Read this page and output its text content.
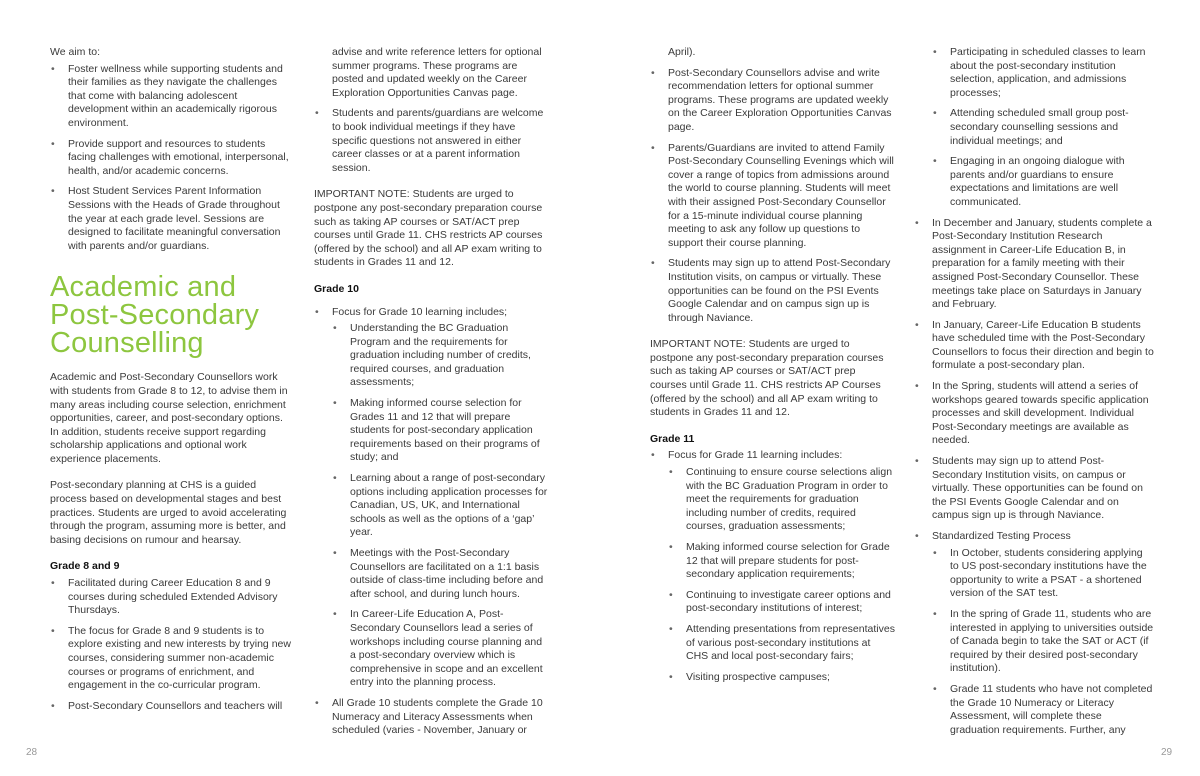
We aim to:

• Foster wellness while supporting students and their families as they navigate the challenges that come with balancing adolescent development within an academically rigorous environment.
• Provide support and resources to students facing challenges with emotional, interpersonal, health, and/or academic concerns.
• Host Student Services Parent Information Sessions with the Heads of Grade throughout the year at each grade level. Sessions are designed to facilitate meaningful conversation with parents and/or guardians.
Academic and
Post-Secondary
Counselling

Academic and Post-Secondary Counsellors work with students from Grade 8 to 12, to advise them in many areas including course selection, enrichment opportunities, career, and post-secondary options. In addition, students receive support regarding scholarship applications and optional work experience placements.

Post-secondary planning at CHS is a guided process based on developmental stages and best practices. Students are urged to avoid accelerating through the program, assuming more is better, and basing decisions on rumour and hearsay.

Grade 8 and 9
• Facilitated during Career Education 8 and 9 courses during scheduled Extended Advisory Thursdays.
• The focus for Grade 8 and 9 students is to explore existing and new interests by trying new courses, considering summer non-academic courses or programs of enrichment, and engagement in the co-curricular program.
• Post-Secondary Counsellors and teachers will
advise and write reference letters for optional summer programs. These programs are posted and updated weekly on the Career Exploration Opportunities Canvas page.
• Students and parents/guardians are welcome to book individual meetings if they have specific questions not answered in either career classes or at a parent information session.

IMPORTANT NOTE: Students are urged to postpone any post-secondary preparation course such as taking AP courses or SAT/ACT prep courses until Grade 11. CHS restricts AP courses (offered by the school) and all AP exam writing to students in Grades 11 and 12.

Grade 10
• Focus for Grade 10 learning includes;
• Understanding the BC Graduation Program and the requirements for graduation including number of credits, required courses, and graduation assessments;
• Making informed course selection for Grades 11 and 12 that will prepare students for post-secondary application requirements based on their programs of study; and
• Learning about a range of post-secondary options including application processes for Canadian, US, UK, and International schools as well as the options of a ‘gap’ year.
• Meetings with the Post-Secondary Counsellors are facilitated on a 1:1 basis outside of class-time including before and after school, and during lunch hours.
• In Career-Life Education A, Post-Secondary Counsellors lead a series of workshops including course planning and a post-secondary overview which is comprehensive in scope and an excellent entry into the planning process.
• All Grade 10 students complete the Grade 10 Numeracy and Literacy Assessments when scheduled (varies - November, January or
April).
• Post-Secondary Counsellors advise and write recommendation letters for optional summer programs. These programs are updated weekly on the Career Exploration Opportunities Canvas page.
• Parents/Guardians are invited to attend Family Post-Secondary Counselling Evenings which will cover a range of topics from admissions around the world to course planning. Students will meet with their assigned Post-Secondary Counsellor for a 15-minute individual course planning meeting to ask any follow up questions to support their course planning.
• Students may sign up to attend Post-Secondary Institution visits, on campus or virtually. These opportunities can be found on the PSI Events Google Calendar and on campus sign up is through Naviance.

IMPORTANT NOTE: Students are urged to postpone any post-secondary preparation courses such as taking AP courses or SAT/ACT prep courses until Grade 11. CHS restricts AP Courses (offered by the school) and all AP exam writing to students in Grades 11 and 12.

Grade 11
• Focus for Grade 11 learning includes:
• Continuing to ensure course selections align with the BC Graduation Program in order to meet the requirements for graduation including number of credits, required courses, graduation assessments;
• Making informed course selection for Grade 12 that will prepare students for post-secondary application requirements;
• Continuing to investigate career options and post-secondary institutions of interest;
• Attending presentations from representatives of various post-secondary institutions at CHS and local post-secondary fairs;
• Visiting prospective campuses;
• Participating in scheduled classes to learn about the post-secondary institution selection, application, and admissions processes;
• Attending scheduled small group post-secondary counselling sessions and individual meetings; and
• Engaging in an ongoing dialogue with parents and/or guardians to ensure expectations and limitations are well communicated.
• In December and January, students complete a Post-Secondary Institution Research assignment in Career-Life Education B, in preparation for a family meeting with their assigned Post-Secondary Counsellor. These meetings take place on Saturdays in January and February.
• In January, Career-Life Education B students have scheduled time with the Post-Secondary Counsellors to focus their direction and begin to formulate a post-secondary plan.
• In the Spring, students will attend a series of workshops geared towards specific application processes and skill development. Individual Post-Secondary meetings are available as needed.
• Students may sign up to attend Post-Secondary Institution visits, on campus or virtually. These opportunities can be found on the PSI Events Google Calendar and on campus sign up is through Naviance.
• Standardized Testing Process
• In October, students considering applying to US post-secondary institutions have the opportunity to write a PSAT - a shortened version of the SAT test.
• In the spring of Grade 11, students who are interested in applying to universities outside of Canada begin to take the SAT or ACT (if required by their desired post-secondary institution).
• Grade 11 students who have not completed the Grade 10 Numeracy or Literacy Assessment, will complete these graduation requirements. Further, any
28	29
